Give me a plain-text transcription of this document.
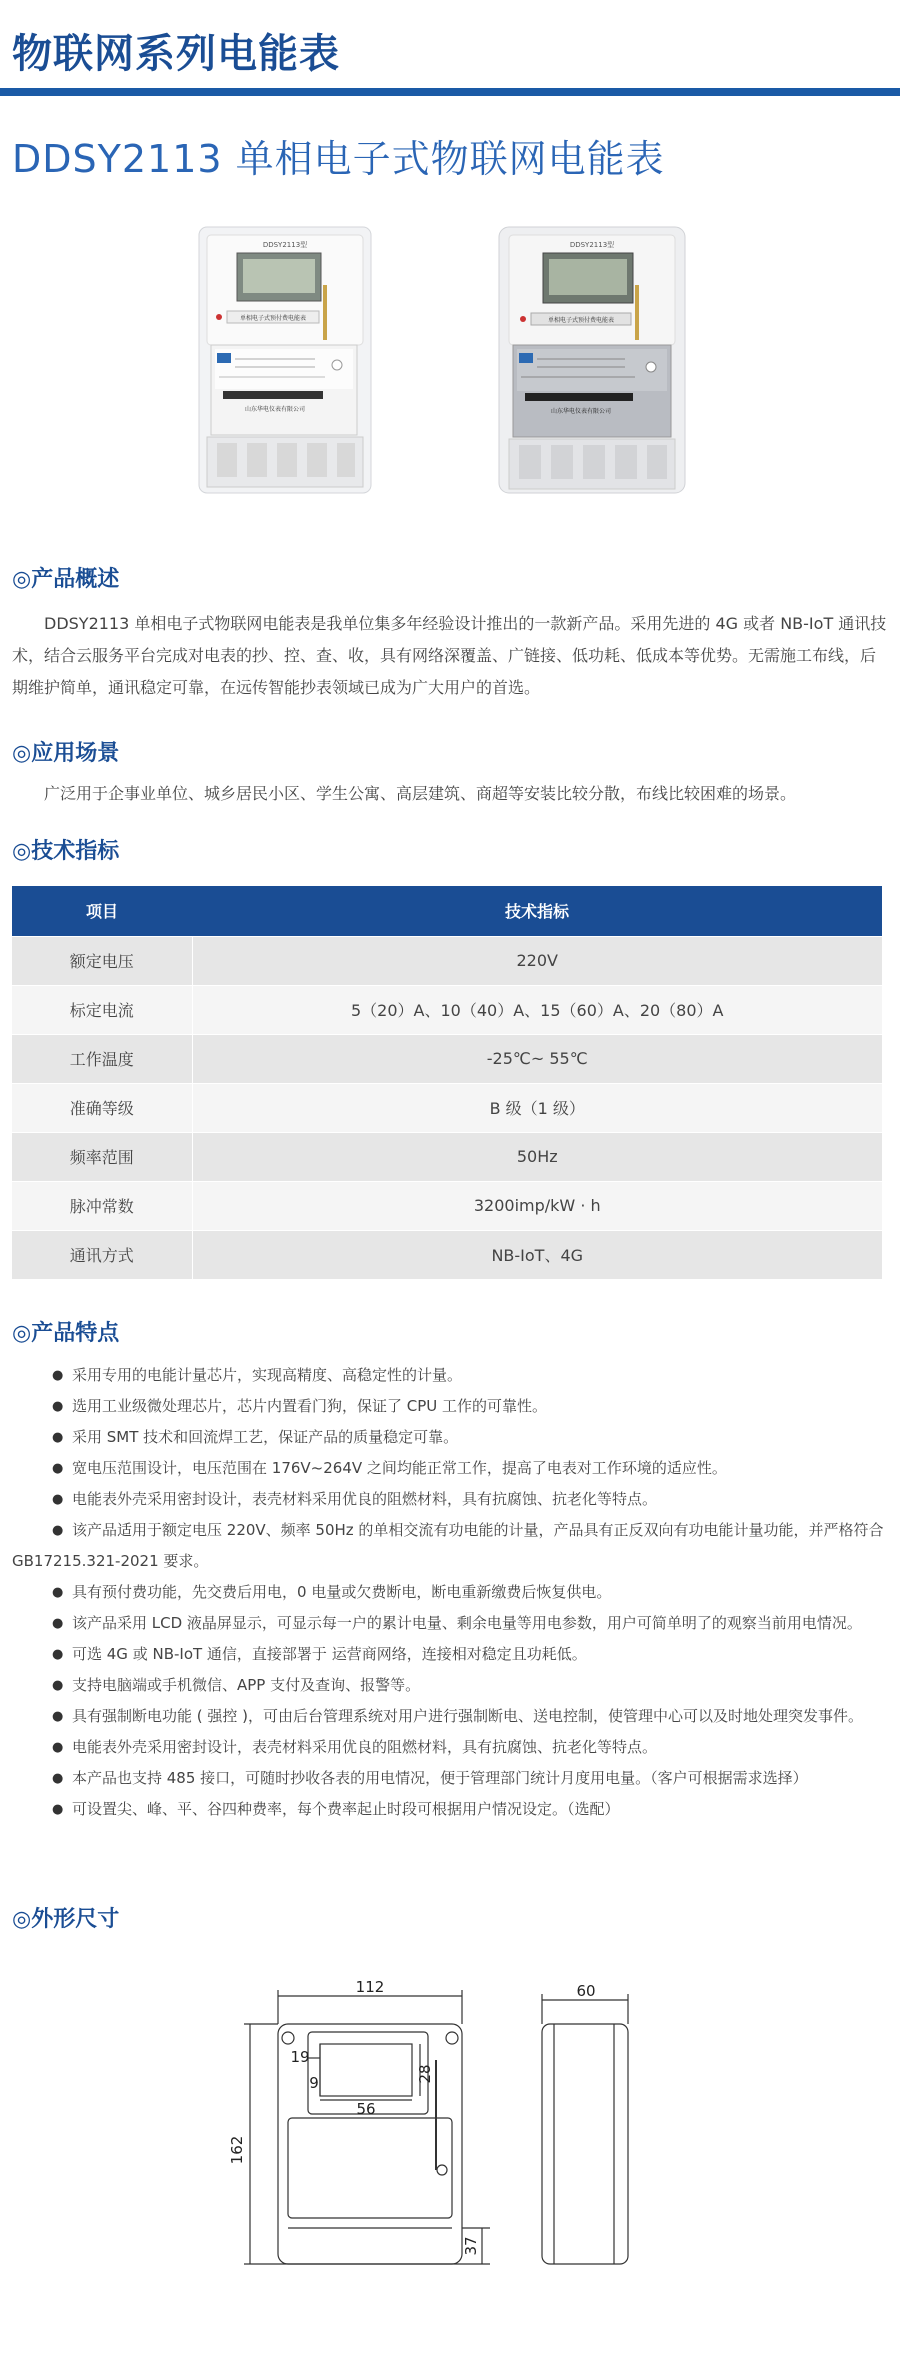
物联网系列电能表
DDSY2113 单相电子式物联网电能表
DDSY2113型
单相电子式预付费电能表
山东华电仪表有限公司
DDSY2113型
单相电子式预付费电能表
山东华电仪表有限公司
◎产品概述
DDSY2113 单相电子式物联网电能表是我单位集多年经验设计推出的一款新产品。采用先进的 4G 或者 NB-IoT 通讯技术，结合云服务平台完成对电表的抄、控、查、收，具有网络深覆盖、广链接、低功耗、低成本等优势。无需施工布线，后期维护简单，通讯稳定可靠，在远传智能抄表领域已成为广大用户的首选。
◎应用场景
广泛用于企事业单位、城乡居民小区、学生公寓、高层建筑、商超等安装比较分散，布线比较困难的场景。
◎技术指标
项目	技术指标
额定电压	220V
标定电流	5（20）A、10（40）A、15（60）A、20（80）A
工作温度	-25℃~ 55℃
准确等级	B 级（1 级）
频率范围	50Hz
脉冲常数	3200imp/kW · h
通讯方式	NB-IoT、4G
◎产品特点
● 采用专用的电能计量芯片，实现高精度、高稳定性的计量。
● 选用工业级微处理芯片，芯片内置看门狗，保证了 CPU 工作的可靠性。
● 采用 SMT 技术和回流焊工艺，保证产品的质量稳定可靠。
● 宽电压范围设计，电压范围在 176V~264V 之间均能正常工作，提高了电表对工作环境的适应性。
● 电能表外壳采用密封设计，表壳材料采用优良的阻燃材料，具有抗腐蚀、抗老化等特点。
● 该产品适用于额定电压 220V、频率 50Hz 的单相交流有功电能的计量，产品具有正反双向有功电能计量功能，并严格符合 GB17215.321-2021 要求。
● 具有预付费功能，先交费后用电，0 电量或欠费断电，断电重新缴费后恢复供电。
● 该产品采用 LCD 液晶屏显示，可显示每一户的累计电量、剩余电量等用电参数，用户可简单明了的观察当前用电情况。
● 可选 4G 或 NB-IoT 通信，直接部署于 运营商网络，连接相对稳定且功耗低。
● 支持电脑端或手机微信、APP 支付及查询、报警等。
● 具有强制断电功能 ( 强控 )，可由后台管理系统对用户进行强制断电、送电控制，使管理中心可以及时地处理突发事件。
● 电能表外壳采用密封设计，表壳材料采用优良的阻燃材料，具有抗腐蚀、抗老化等特点。
● 本产品也支持 485 接口，可随时抄收各表的用电情况，便于管理部门统计月度用电量。（客户可根据需求选择）
● 可设置尖、峰、平、谷四种费率，每个费率起止时段可根据用户情况设定。（选配）
◎外形尺寸
112
162
56
28
19
9
37
60
